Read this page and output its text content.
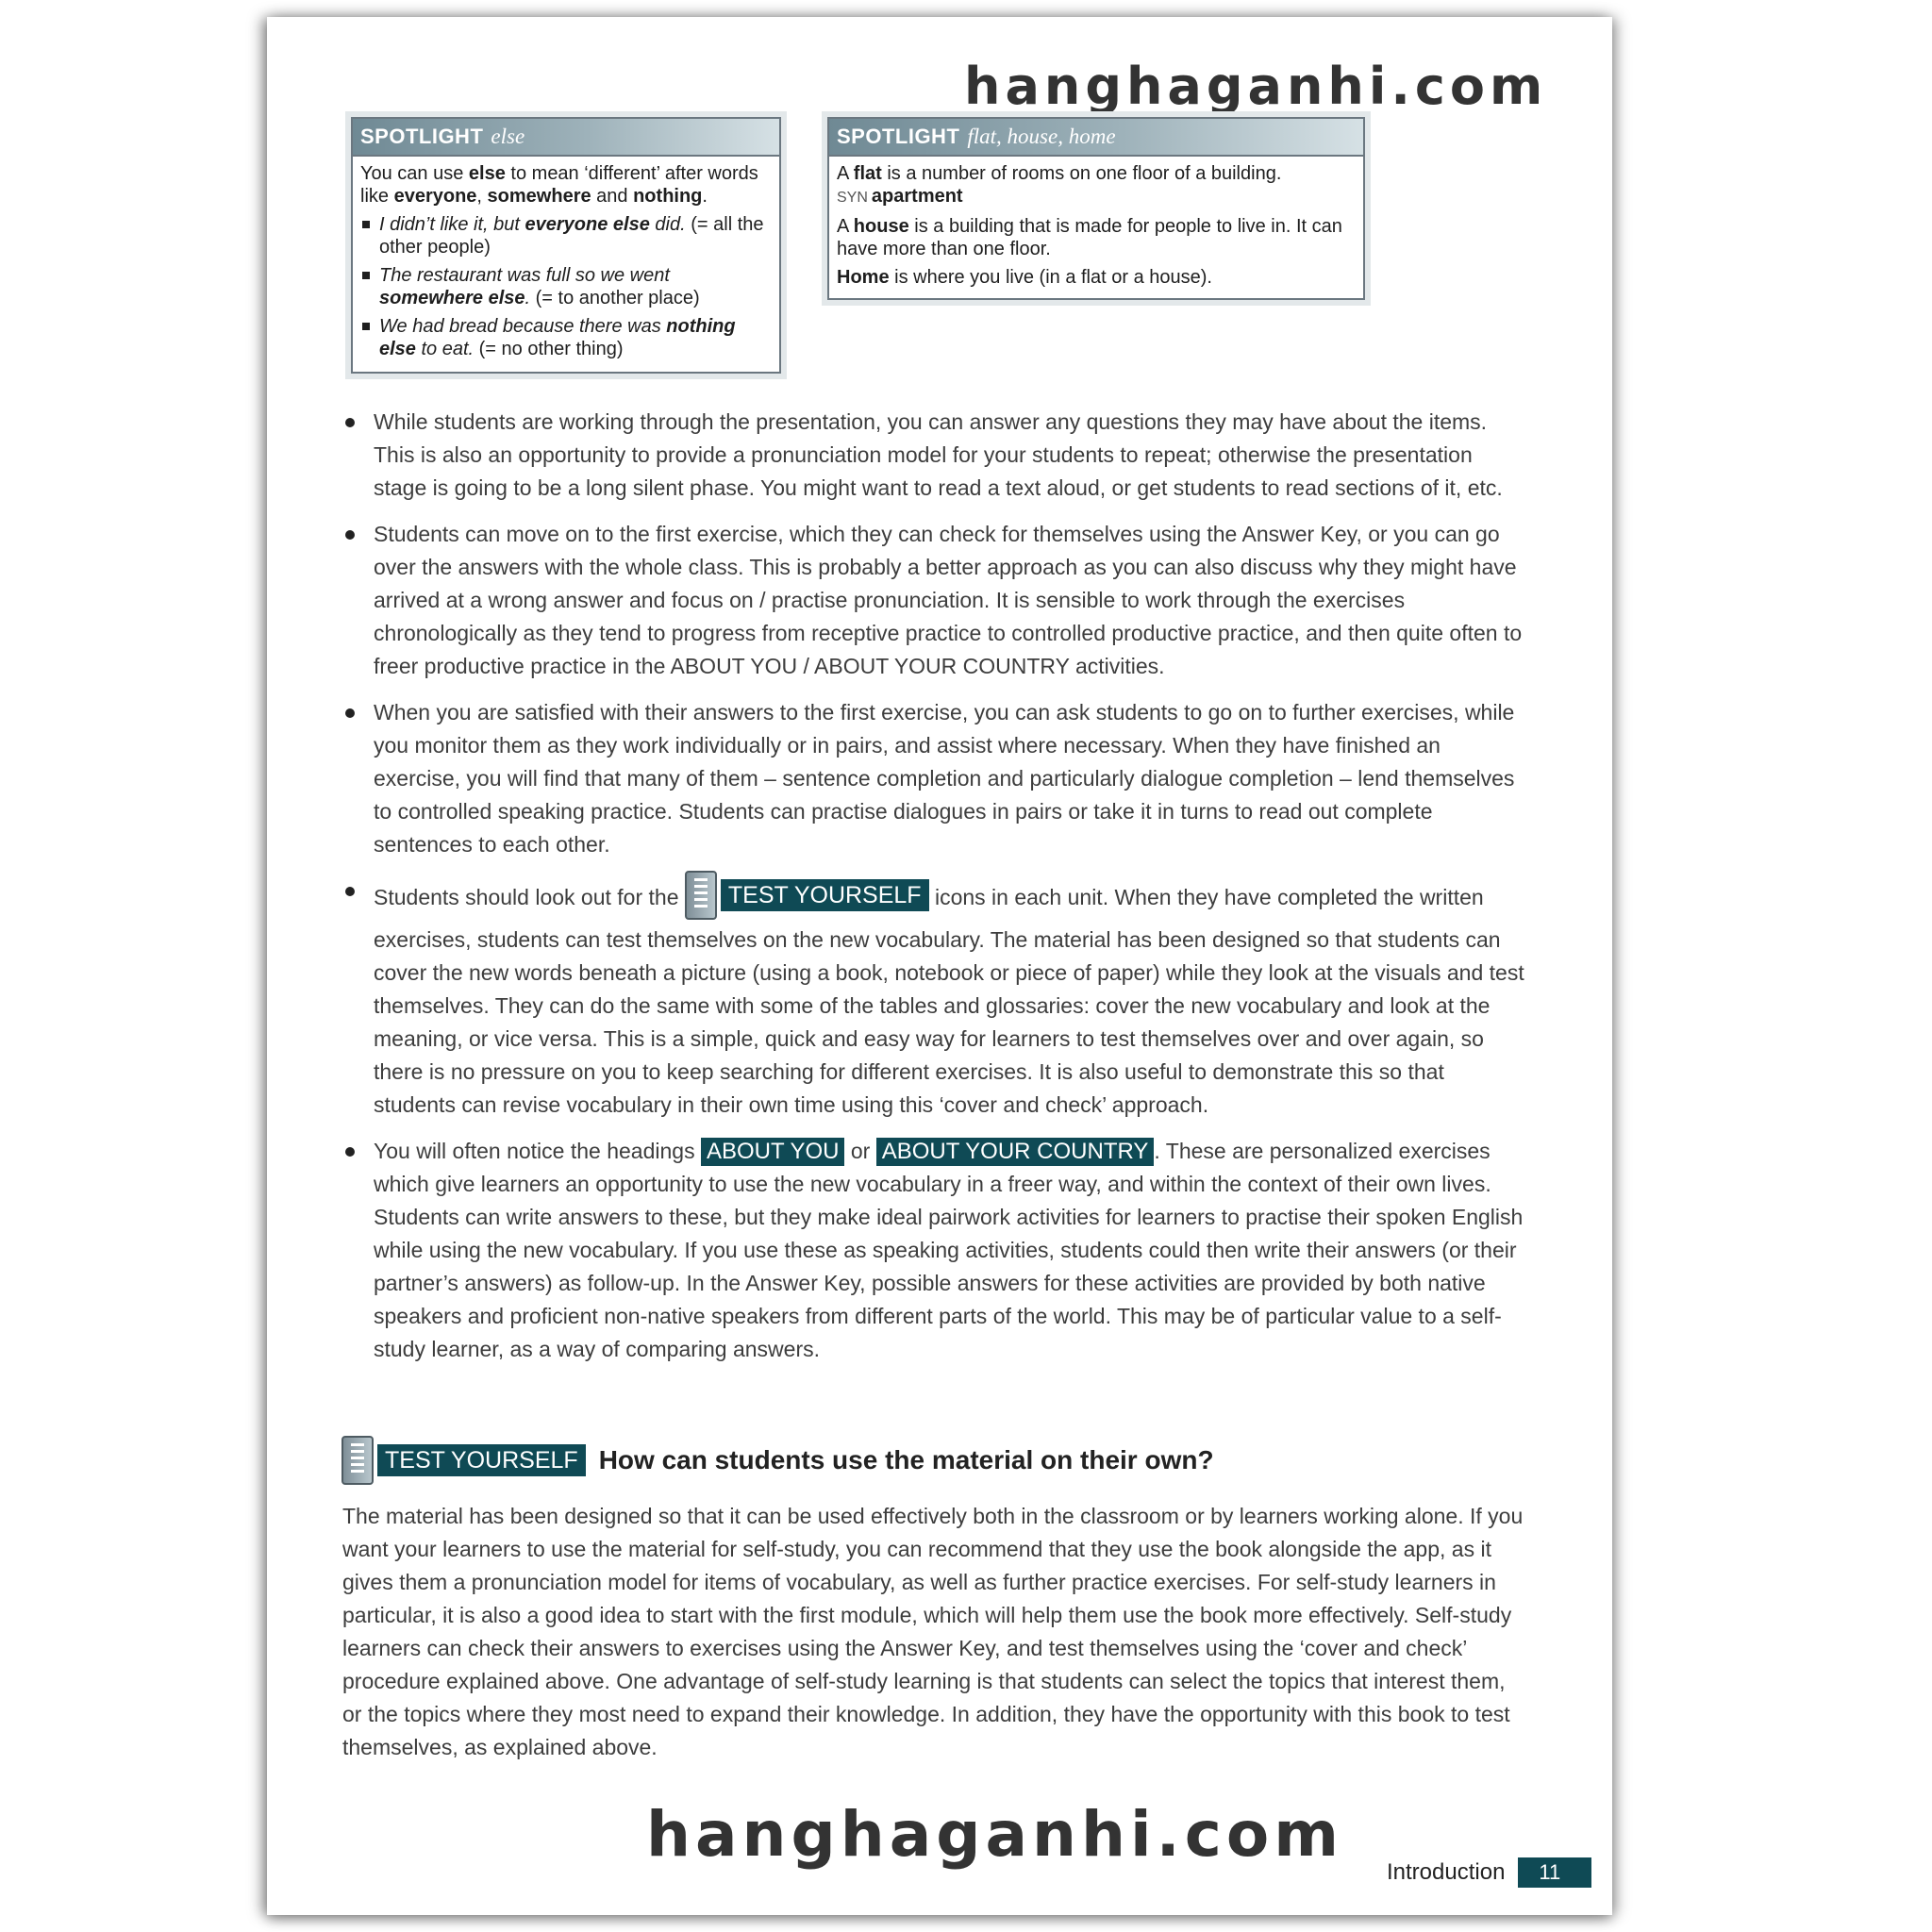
hanghaganhi.com
SPOTLIGHT else

You can use else to mean ‘different’ after words like everyone, somewhere and nothing.

I didn’t like it, but everyone else did. (= all the other people)
The restaurant was full so we went somewhere else. (= to another place)
We had bread because there was nothing else to eat. (= no other thing)
SPOTLIGHT flat, house, home

A flat is a number of rooms on one floor of a building.

SYN apartment

A house is a building that is made for people to live in. It can have more than one floor.

Home is where you live (in a flat or a house).

While students are working through the presentation, you can answer any questions they may have about the items. This is also an opportunity to provide a pronunciation model for your students to repeat; otherwise the presentation stage is going to be a long silent phase. You might want to read a text aloud, or get students to read sections of it, etc.
Students can move on to the first exercise, which they can check for themselves using the Answer Key, or you can go over the answers with the whole class. This is probably a better approach as you can also discuss why they might have arrived at a wrong answer and focus on / practise pronunciation. It is sensible to work through the exercises chronologically as they tend to progress from receptive practice to controlled productive practice, and then quite often to freer productive practice in the ABOUT YOU / ABOUT YOUR COUNTRY activities.
When you are satisfied with their answers to the first exercise, you can ask students to go on to further exercises, while you monitor them as they work individually or in pairs, and assist where necessary. When they have finished an exercise, you will find that many of them – sentence completion and particularly dialogue completion – lend themselves to controlled speaking practice. Students can practise dialogues in pairs or take it in turns to read out complete sentences to each other.
Students should look out for the	TEST YOURSELF icons in each unit. When they have completed the written exercises, students can test themselves on the new vocabulary. The material has been designed so that students can cover the new words beneath a picture (using a book, notebook or piece of paper) while they look at the visuals and test themselves. They can do the same with some of the tables and glossaries: cover the new vocabulary and look at the meaning, or vice versa. This is a simple, quick and easy way for learners to test themselves over and over again, so there is no pressure on you to keep searching for different exercises. It is also useful to demonstrate this so that students can revise vocabulary in their own time using this ‘cover and check’ approach.
You will often notice the headings ABOUT YOU or ABOUT YOUR COUNTRY . These are personalized exercises which give learners an opportunity to use the new vocabulary in a freer way, and within the context of their own lives. Students can write answers to these, but they make ideal pairwork activities for learners to practise their spoken English while using the new vocabulary. If you use these as speaking activities, students could then write their answers (or their partner’s answers) as follow-up. In the Answer Key, possible answers for these activities are provided by both native speakers and proficient non-native speakers from different parts of the world. This may be of particular value to a self-study learner, as a way of comparing answers.
TEST YOURSELF How can students use the material on their own?

The material has been designed so that it can be used effectively both in the classroom or by learners working alone. If you want your learners to use the material for self-study, you can recommend that they use the book alongside the app, as it gives them a pronunciation model for items of vocabulary, as well as further practice exercises. For self-study learners in particular, it is also a good idea to start with the first module, which will help them use the book more effectively. Self-study learners can check their answers to exercises using the Answer Key, and test themselves using the ‘cover and check’ procedure explained above. One advantage of self-study learning is that students can select the topics that interest them, or the topics where they most need to expand their knowledge. In addition, they have the opportunity with this book to test themselves, as explained above.

hanghaganhi.com
Introduction	11
